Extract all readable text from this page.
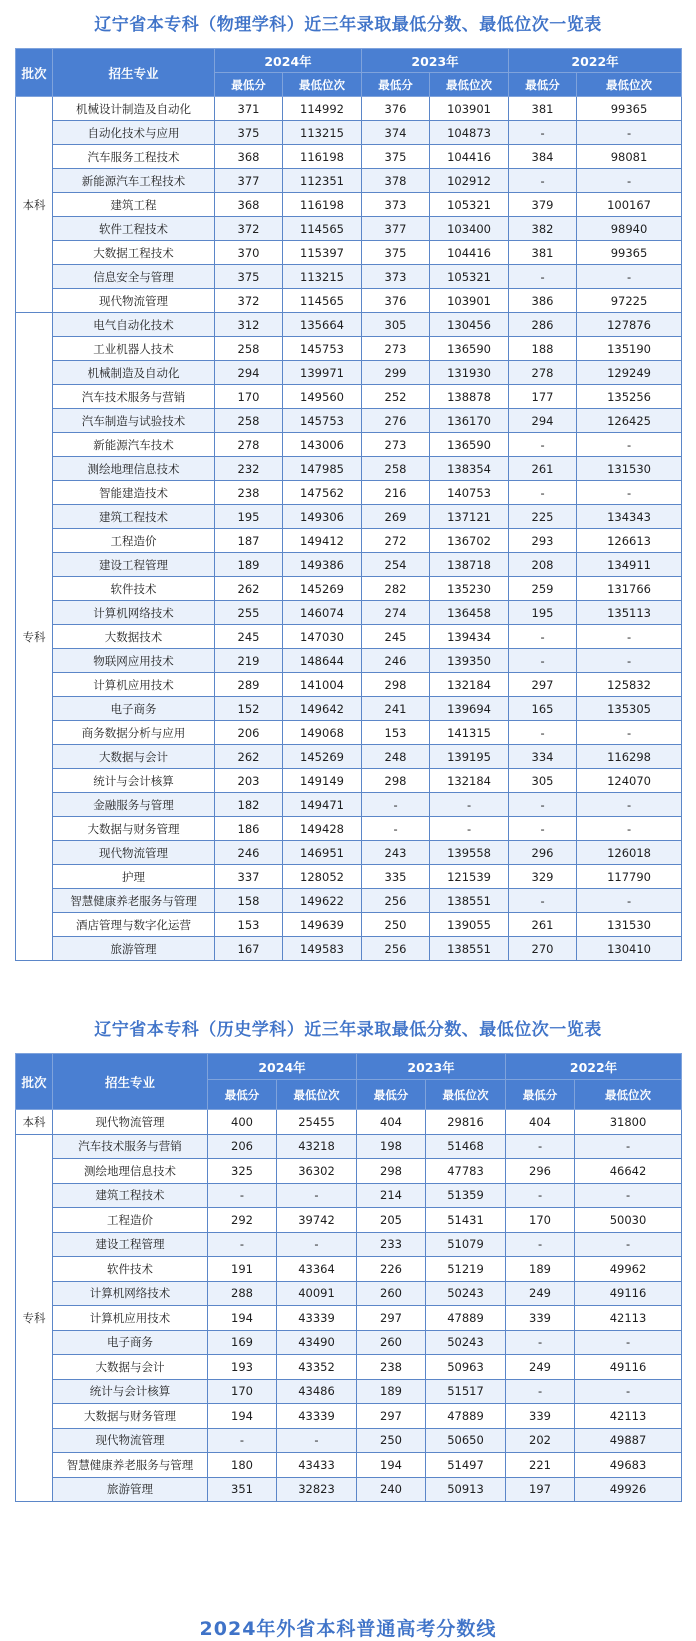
辽宁省本专科（物理学科）近三年录取最低分数、最低位次一览表
批次	招生专业	2024年		2023年		2022年	
		最低分	最低位次	最低分	最低位次	最低分	最低位次
本科	机械设计制造及自动化	371	114992	376	103901	381	99365
	自动化技术与应用	375	113215	374	104873	-	-
	汽车服务工程技术	368	116198	375	104416	384	98081
	新能源汽车工程技术	377	112351	378	102912	-	-
	建筑工程	368	116198	373	105321	379	100167
	软件工程技术	372	114565	377	103400	382	98940
	大数据工程技术	370	115397	375	104416	381	99365
	信息安全与管理	375	113215	373	105321	-	-
	现代物流管理	372	114565	376	103901	386	97225
专科	电气自动化技术	312	135664	305	130456	286	127876
	工业机器人技术	258	145753	273	136590	188	135190
	机械制造及自动化	294	139971	299	131930	278	129249
	汽车技术服务与营销	170	149560	252	138878	177	135256
	汽车制造与试验技术	258	145753	276	136170	294	126425
	新能源汽车技术	278	143006	273	136590	-	-
	测绘地理信息技术	232	147985	258	138354	261	131530
	智能建造技术	238	147562	216	140753	-	-
	建筑工程技术	195	149306	269	137121	225	134343
	工程造价	187	149412	272	136702	293	126613
	建设工程管理	189	149386	254	138718	208	134911
	软件技术	262	145269	282	135230	259	131766
	计算机网络技术	255	146074	274	136458	195	135113
	大数据技术	245	147030	245	139434	-	-
	物联网应用技术	219	148644	246	139350	-	-
	计算机应用技术	289	141004	298	132184	297	125832
	电子商务	152	149642	241	139694	165	135305
	商务数据分析与应用	206	149068	153	141315	-	-
	大数据与会计	262	145269	248	139195	334	116298
	统计与会计核算	203	149149	298	132184	305	124070
	金融服务与管理	182	149471	-	-	-	-
	大数据与财务管理	186	149428	-	-	-	-
	现代物流管理	246	146951	243	139558	296	126018
	护理	337	128052	335	121539	329	117790
	智慧健康养老服务与管理	158	149622	256	138551	-	-
	酒店管理与数字化运营	153	149639	250	139055	261	131530
	旅游管理	167	149583	256	138551	270	130410
辽宁省本专科（历史学科）近三年录取最低分数、最低位次一览表
批次	招生专业	2024年		2023年		2022年	
		最低分	最低位次	最低分	最低位次	最低分	最低位次
本科	现代物流管理	400	25455	404	29816	404	31800
专科	汽车技术服务与营销	206	43218	198	51468	-	-
	测绘地理信息技术	325	36302	298	47783	296	46642
	建筑工程技术	-	-	214	51359	-	-
	工程造价	292	39742	205	51431	170	50030
	建设工程管理	-	-	233	51079	-	-
	软件技术	191	43364	226	51219	189	49962
	计算机网络技术	288	40091	260	50243	249	49116
	计算机应用技术	194	43339	297	47889	339	42113
	电子商务	169	43490	260	50243	-	-
	大数据与会计	193	43352	238	50963	249	49116
	统计与会计核算	170	43486	189	51517	-	-
	大数据与财务管理	194	43339	297	47889	339	42113
	现代物流管理	-	-	250	50650	202	49887
	智慧健康养老服务与管理	180	43433	194	51497	221	49683
	旅游管理	351	32823	240	50913	197	49926
2024年外省本科普通高考分数线
